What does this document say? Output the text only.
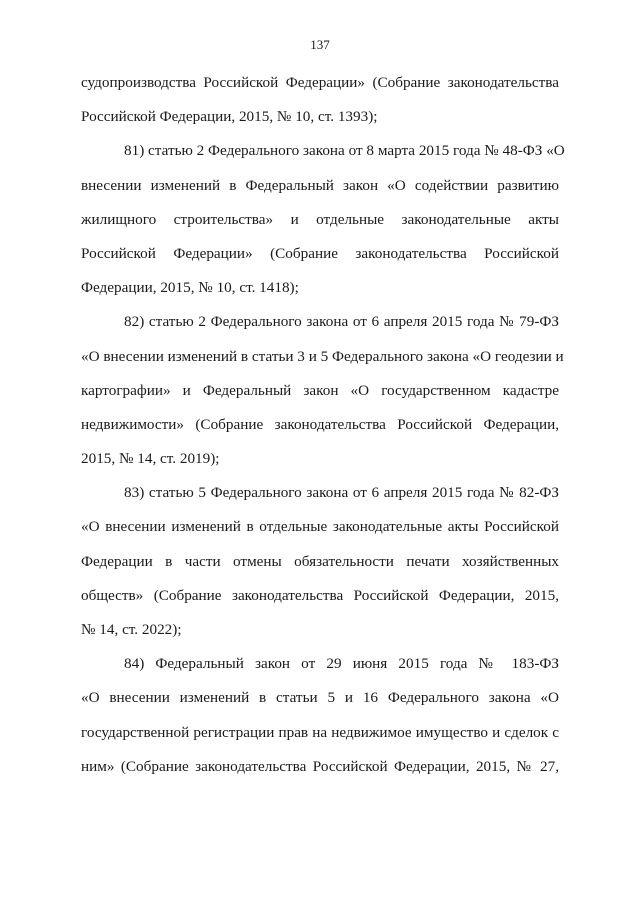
137
судопроизводства Российской Федерации» (Собрание законодательства
Российской Федерации, 2015, № 10, ст. 1393);
81) статью 2 Федерального закона от 8 марта 2015 года № 48-ФЗ «О
внесении изменений в Федеральный закон «О содействии развитию
жилищного строительства» и отдельные законодательные акты
Российской Федерации» (Собрание законодательства Российской
Федерации, 2015, № 10, ст. 1418);
82) статью 2 Федерального закона от 6 апреля 2015 года № 79-ФЗ
«О внесении изменений в статьи 3 и 5 Федерального закона «О геодезии и
картографии» и Федеральный закон «О государственном кадастре
недвижимости» (Собрание законодательства Российской Федерации,
2015, № 14, ст. 2019);
83) статью 5 Федерального закона от 6 апреля 2015 года № 82-ФЗ
«О внесении изменений в отдельные законодательные акты Российской
Федерации в части отмены обязательности печати хозяйственных
обществ» (Собрание законодательства Российской Федерации, 2015,
№ 14, ст. 2022);
84) Федеральный закон от 29 июня 2015 года № 183-ФЗ
«О внесении изменений в статьи 5 и 16 Федерального закона «О
государственной регистрации прав на недвижимое имущество и сделок с
ним» (Собрание законодательства Российской Федерации, 2015, № 27,
